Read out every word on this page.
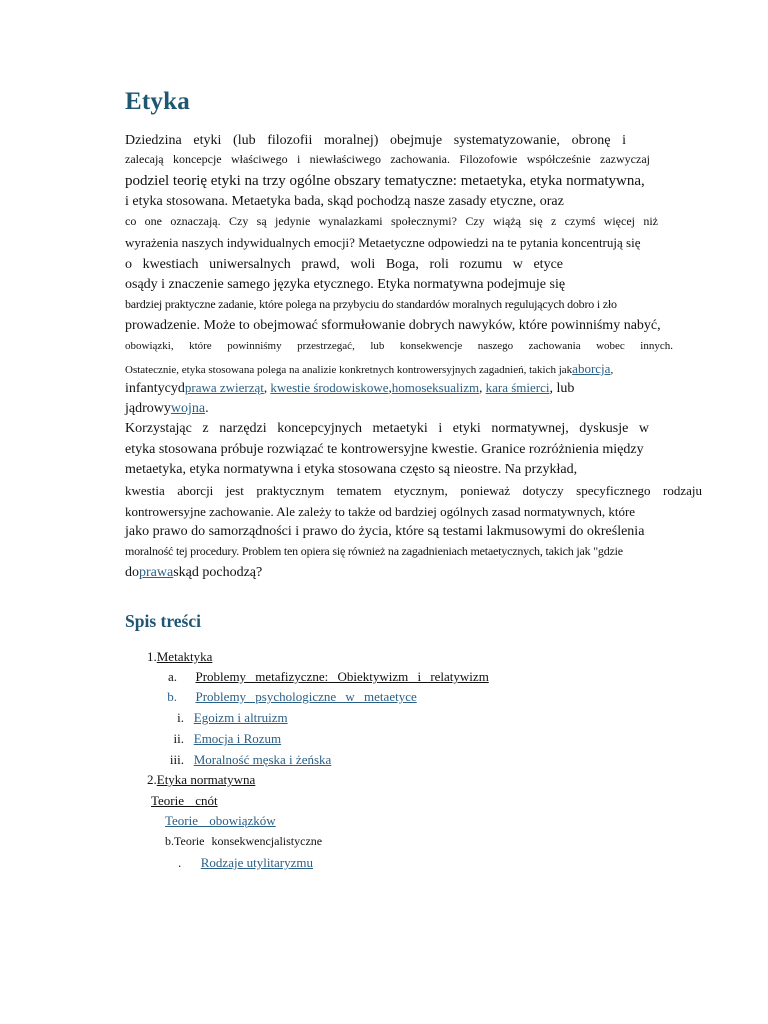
Etyka
Dziedzina etyki (lub filozofii moralnej) obejmuje systematyzowanie, obronę i
zalecają koncepcje właściwego i niewłaściwego zachowania. Filozofowie współcześnie zazwyczaj
podziel teorię etyki na trzy ogólne obszary tematyczne: metaetyka, etyka normatywna,
i etyka stosowana. Metaetyka bada, skąd pochodzą nasze zasady etyczne, oraz
co one oznaczają. Czy są jedynie wynalazkami społecznymi? Czy wiążą się z czymś więcej niż
wyrażenia naszych indywidualnych emocji? Metaetyczne odpowiedzi na te pytania koncentrują się
o kwestiach uniwersalnych prawd, woli Boga, roli rozumu w etyce
osądy i znaczenie samego języka etycznego. Etyka normatywna podejmuje się
bardziej praktyczne zadanie, które polega na przybyciu do standardów moralnych regulujących dobro i zło
prowadzenie. Może to obejmować sformułowanie dobrych nawyków, które powinniśmy nabyć,
obowiązki, które powinniśmy przestrzegać, lub konsekwencje naszego zachowania wobec innych.
Ostatecznie, etyka stosowana polega na analizie konkretnych kontrowersyjnych zagadnień, takich jakaborcja,
infantycydprawa zwierząt, kwestie środowiskowe,homoseksualizm, kara śmierci, lub
jądrowywojna.
Korzystając z narzędzi koncepcyjnych metaetyki i etyki normatywnej, dyskusje w
etyka stosowana próbuje rozwiązać te kontrowersyjne kwestie. Granice rozróżnienia między
metaetyka, etyka normatywna i etyka stosowana często są nieostre. Na przykład,
kwestia aborcji jest praktycznym tematem etycznym, ponieważ dotyczy specyficznego rodzaju
kontrowersyjne zachowanie. Ale zależy to także od bardziej ogólnych zasad normatywnych, które
jako prawo do samorządności i prawo do życia, które są testami lakmusowymi do określenia
moralność tej procedury. Problem ten opiera się również na zagadnieniach metaetycznych, takich jak "gdzie
doprawaskąd pochodzą?
Spis treści
1.Metaktyka
a. Problemy metafizyczne: Obiektywizm i relatywizm
b. Problemy psychologiczne w metaetyce
i. Egoizm i altruizm
ii. Emocja i Rozum
iii. Moralność męska i żeńska
2.Etyka normatywna
Teorie cnót
Teorie obowiązków
b.Teorie konsekwencjalistyczne
. Rodzaje utylitaryzmu
